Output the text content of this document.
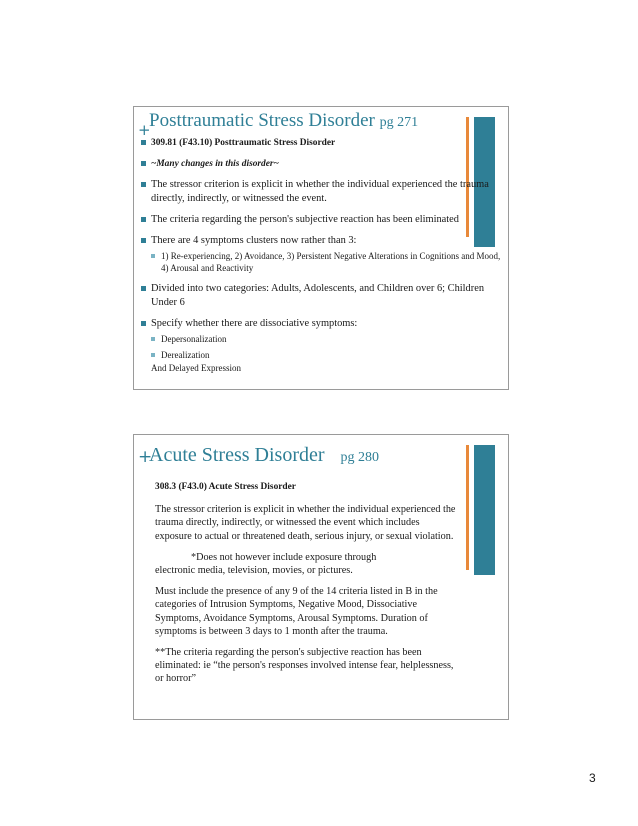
+
Posttraumatic Stress Disorder pg 271
309.81 (F43.10) Posttraumatic Stress Disorder
~Many changes in this disorder~
The stressor criterion is explicit in whether the individual experienced the trauma directly, indirectly, or witnessed the event.
The criteria regarding the person's subjective reaction has been eliminated
There are 4 symptoms clusters now rather than 3:
1) Re-experiencing, 2) Avoidance, 3) Persistent Negative Alterations in Cognitions and Mood, 4) Arousal and Reactivity
Divided into two categories: Adults, Adolescents, and Children over 6; Children Under 6
Specify whether there are dissociative symptoms:
Depersonalization
Derealization
And Delayed Expression
+
Acute Stress Disorder pg 280
308.3 (F43.0) Acute Stress Disorder
The stressor criterion is explicit in whether the individual experienced the trauma directly, indirectly, or witnessed the event which includes exposure to actual or threatened death, serious injury, or sexual violation.
*Does not however include exposure through
electronic media, television, movies, or pictures.
Must include the presence of any 9 of the 14 criteria listed in B in the categories of Intrusion Symptoms, Negative Mood, Dissociative Symptoms, Avoidance Symptoms, Arousal Symptoms. Duration of symptoms is between 3 days to 1 month after the trauma.
**The criteria regarding the person's subjective reaction has been eliminated: ie “the person's responses involved intense fear, helplessness, or horror”
3
